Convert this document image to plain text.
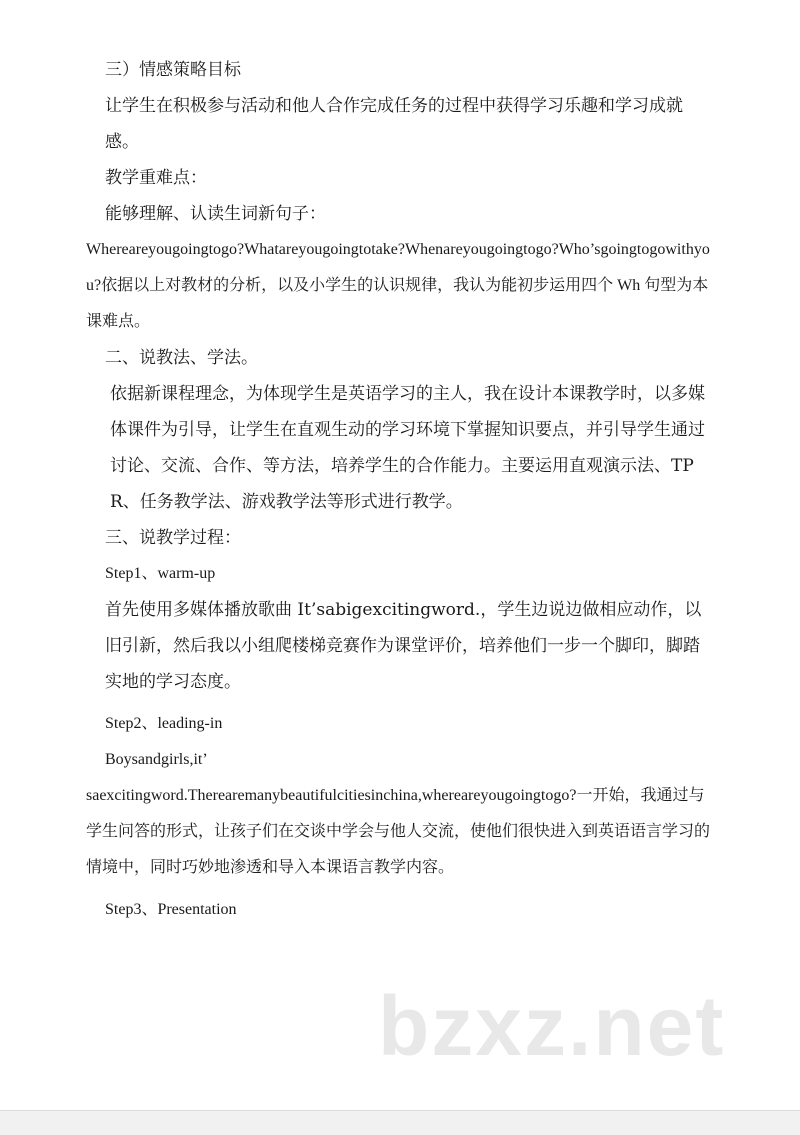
三）情感策略目标

让学生在积极参与活动和他人合作完成任务的过程中获得学习乐趣和学习成就感。

教学重难点：

能够理解、认读生词新句子：

Whereareyougoingtogo?Whatareyougoingtotake?Whenareyougoingtogo?Who’sgoingtogowithyou?依据以上对教材的分析，以及小学生的认识规律，我认为能初步运用四个 Wh 句型为本课难点。

二、说教法、学法。

依据新课程理念，为体现学生是英语学习的主人，我在设计本课教学时，以多媒体课件为引导，让学生在直观生动的学习环境下掌握知识要点，并引导学生通过讨论、交流、合作、等方法，培养学生的合作能力。主要运用直观演示法、TPR、任务教学法、游戏教学法等形式进行教学。

三、说教学过程：

Step1、warm-up

首先使用多媒体播放歌曲 It’sabigexcitingword.，学生边说边做相应动作，以旧引新，然后我以小组爬楼梯竞赛作为课堂评价，培养他们一步一个脚印，脚踏实地的学习态度。

Step2、leading-in

Boysandgirls,it’

saexcitingword.Therearemanybeautifulcitiesinchina,whereareyougoingtogo?一开始，我通过与学生问答的形式，让孩子们在交谈中学会与他人交流，使他们很快进入到英语语言学习的情境中，同时巧妙地渗透和导入本课语言教学内容。

Step3、Presentation

bzxz.net
